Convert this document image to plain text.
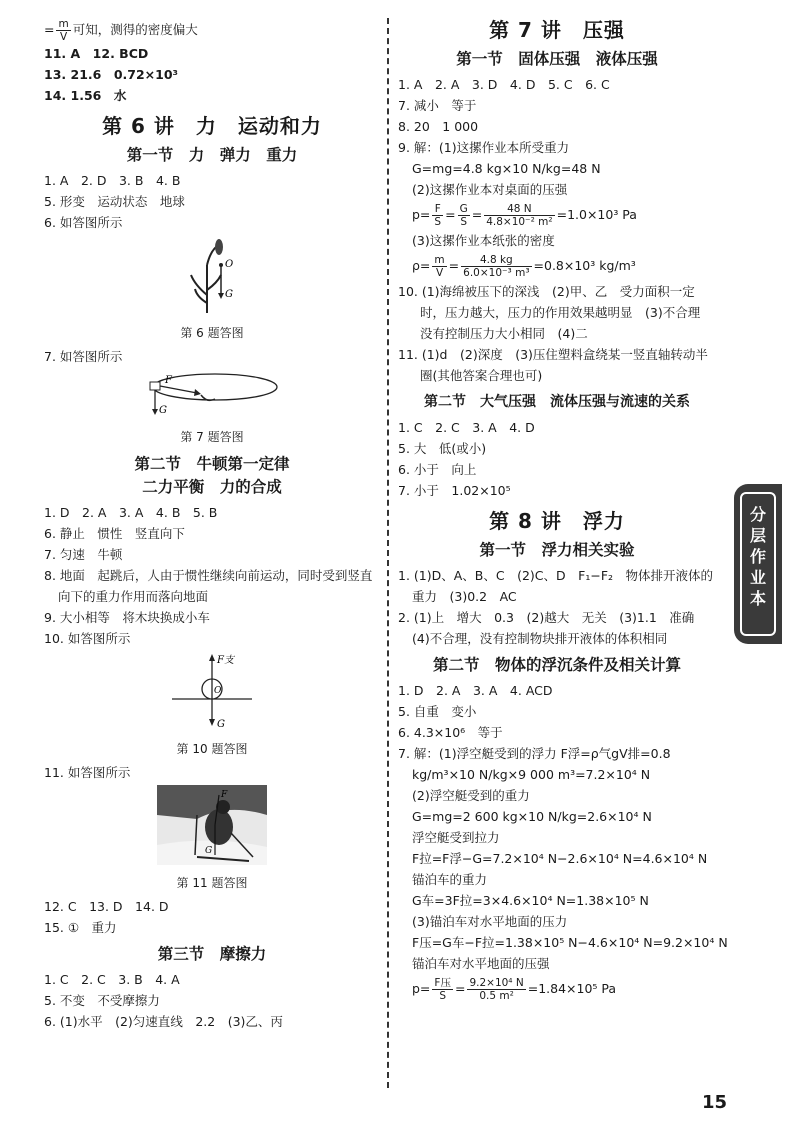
= $\frac{m}{V}$ 可知，测得的密度偏大
11. A　12. BCD
13. 21.6　0.72×10³
14. 1.56　水
第 6 讲　力　运动和力
第一节　力　弹力　重力
1. A　2. D　3. B　4. B
5. 形变　运动状态　地球
6. 如答图所示
O
G
第 6 题答图
7. 如答图所示
F
G
第 7 题答图
第二节　牛顿第一定律
二力平衡　力的合成
1. D　2. A　3. A　4. B　5. B
6. 静止　惯性　竖直向下
7. 匀速　牛顿
8. 地面　起跳后，人由于惯性继续向前运动，同时受到竖直向下的重力作用而落向地面
9. 大小相等　将木块换成小车
10. 如答图所示
F支
O
G
第 10 题答图
11. 如答图所示
F
G
第 11 题答图
12. C　13. D　14. D
15. ①　重力
第三节　摩擦力
1. C　2. C　3. B　4. A
5. 不变　不受摩擦力
6. (1)水平　(2)匀速直线　2.2　(3)乙、丙
第 7 讲　压强
第一节　固体压强　液体压强
1. A　2. A　3. D　4. D　5. C　6. C
7. 减小　等于
8. 20　1 000
9. 解：(1)这摞作业本所受重力
G=mg=4.8 kg×10 N/kg=48 N
(2)这摞作业本对桌面的压强
$p= \frac{F}{S} = \frac{G}{S} = \frac{48 N}{\text{4.8×10⁻² m²}} =1.0\times 10^3$ Pa
(3)这摞作业本纸张的密度
$\rho= \frac{m}{V} = \frac{4.8 kg}{\text{6.0×10⁻³ m³}} =0.8\times 10^3$ kg/m³
10. (1)海绵被压下的深浅　(2)甲、乙　受力面积一定时，压力越大，压力的作用效果越明显　(3)不合理　没有控制压力大小相同　(4)二
11. (1)d　(2)深度　(3)压住塑料盒绕某一竖直轴转动半圈(其他答案合理也可)
第二节　大气压强　流体压强与流速的关系
1. C　2. C　3. A　4. D
5. 大　低(或小)
6. 小于　向上
7. 小于　1.02×10⁵
第 8 讲　浮力
第一节　浮力相关实验
1. (1)D、A、B、C　(2)C、D　F₁−F₂　物体排开液体的重力　(3)0.2　AC
2. (1)上　增大　0.3　(2)越大　无关　(3)1.1　准确　(4)不合理，没有控制物块排开液体的体积相同
第二节　物体的浮沉条件及相关计算
1. D　2. A　3. A　4. ACD
5. 自重　变小
6. 4.3×10⁶　等于
7. 解：(1)浮空艇受到的浮力 F浮=ρ气gV排=0.8 kg/m³×10 N/kg×9 000 m³=7.2×10⁴ N
(2)浮空艇受到的重力
G=mg=2 600 kg×10 N/kg=2.6×10⁴ N
浮空艇受到拉力
F拉=F浮−G=7.2×10⁴ N−2.6×10⁴ N=4.6×10⁴ N
锚泊车的重力
G车=3F拉=3×4.6×10⁴ N=1.38×10⁵ N
(3)锚泊车对水平地面的压力
F压=G车−F拉=1.38×10⁵ N−4.6×10⁴ N=9.2×10⁴ N
锚泊车对水平地面的压强
$p= \frac{\text{F压}}{S} = \frac{\text{9.2×10⁴ N}}{\text{0.5 m²}} =1.84\times 10^5$ Pa
分
层
作
业
本
15
